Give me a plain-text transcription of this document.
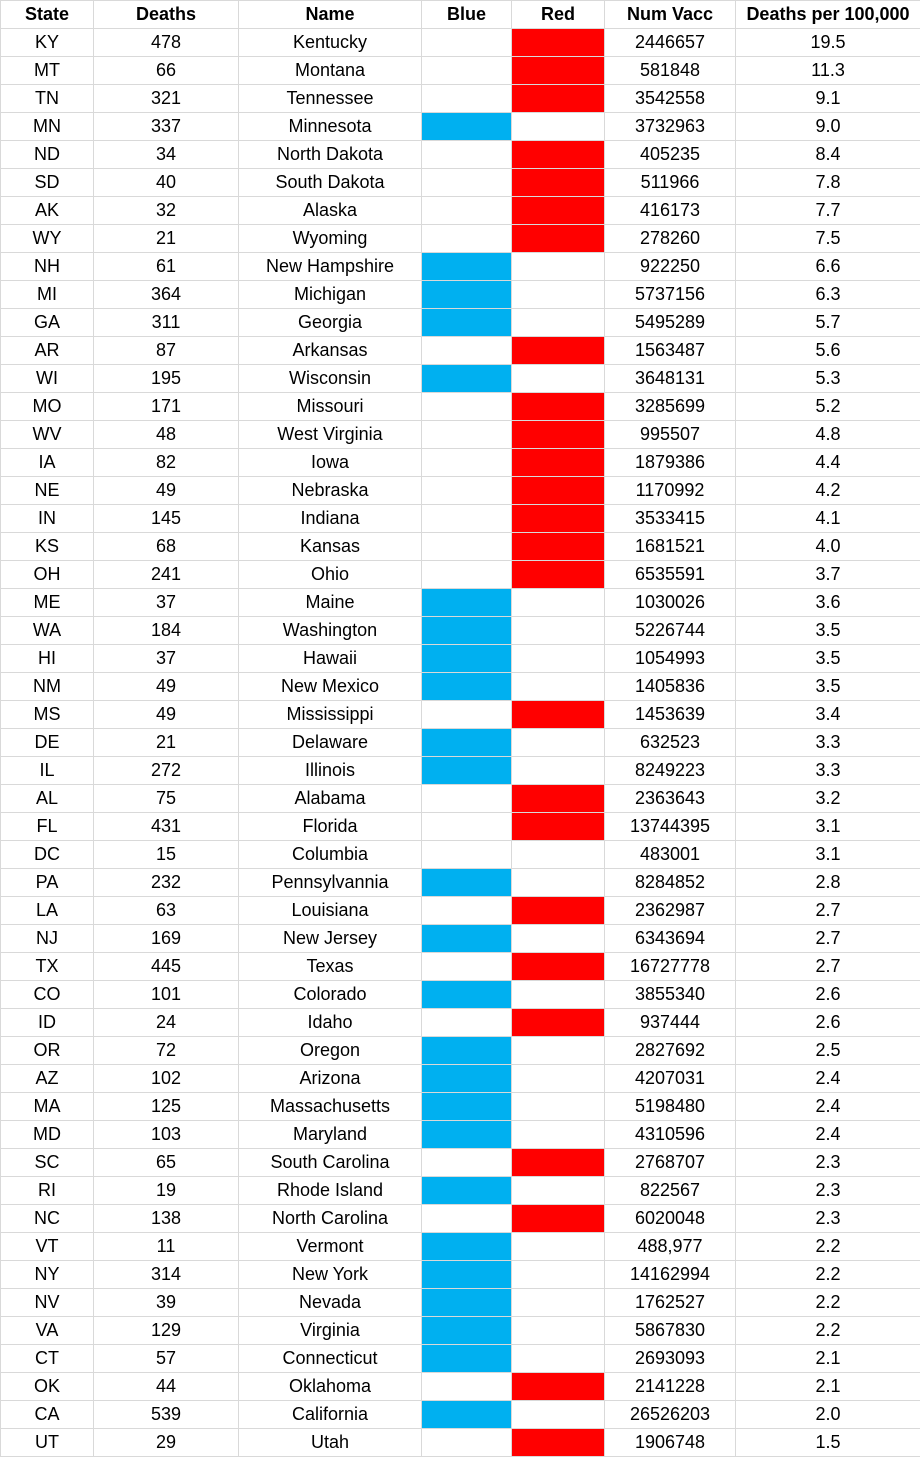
State	Deaths	Name	Blue	Red	Num Vacc	Deaths per 100,000
KY	478	Kentucky			2446657	19.5
MT	66	Montana			581848	11.3
TN	321	Tennessee			3542558	9.1
MN	337	Minnesota			3732963	9.0
ND	34	North Dakota			405235	8.4
SD	40	South Dakota			511966	7.8
AK	32	Alaska			416173	7.7
WY	21	Wyoming			278260	7.5
NH	61	New Hampshire			922250	6.6
MI	364	Michigan			5737156	6.3
GA	311	Georgia			5495289	5.7
AR	87	Arkansas			1563487	5.6
WI	195	Wisconsin			3648131	5.3
MO	171	Missouri			3285699	5.2
WV	48	West Virginia			995507	4.8
IA	82	Iowa			1879386	4.4
NE	49	Nebraska			1170992	4.2
IN	145	Indiana			3533415	4.1
KS	68	Kansas			1681521	4.0
OH	241	Ohio			6535591	3.7
ME	37	Maine			1030026	3.6
WA	184	Washington			5226744	3.5
HI	37	Hawaii			1054993	3.5
NM	49	New Mexico			1405836	3.5
MS	49	Mississippi			1453639	3.4
DE	21	Delaware			632523	3.3
IL	272	Illinois			8249223	3.3
AL	75	Alabama			2363643	3.2
FL	431	Florida			13744395	3.1
DC	15	Columbia			483001	3.1
PA	232	Pennsylvannia			8284852	2.8
LA	63	Louisiana			2362987	2.7
NJ	169	New Jersey			6343694	2.7
TX	445	Texas			16727778	2.7
CO	101	Colorado			3855340	2.6
ID	24	Idaho			937444	2.6
OR	72	Oregon			2827692	2.5
AZ	102	Arizona			4207031	2.4
MA	125	Massachusetts			5198480	2.4
MD	103	Maryland			4310596	2.4
SC	65	South Carolina			2768707	2.3
RI	19	Rhode Island			822567	2.3
NC	138	North Carolina			6020048	2.3
VT	11	Vermont			488,977	2.2
NY	314	New York			14162994	2.2
NV	39	Nevada			1762527	2.2
VA	129	Virginia			5867830	2.2
CT	57	Connecticut			2693093	2.1
OK	44	Oklahoma			2141228	2.1
CA	539	California			26526203	2.0
UT	29	Utah			1906748	1.5
